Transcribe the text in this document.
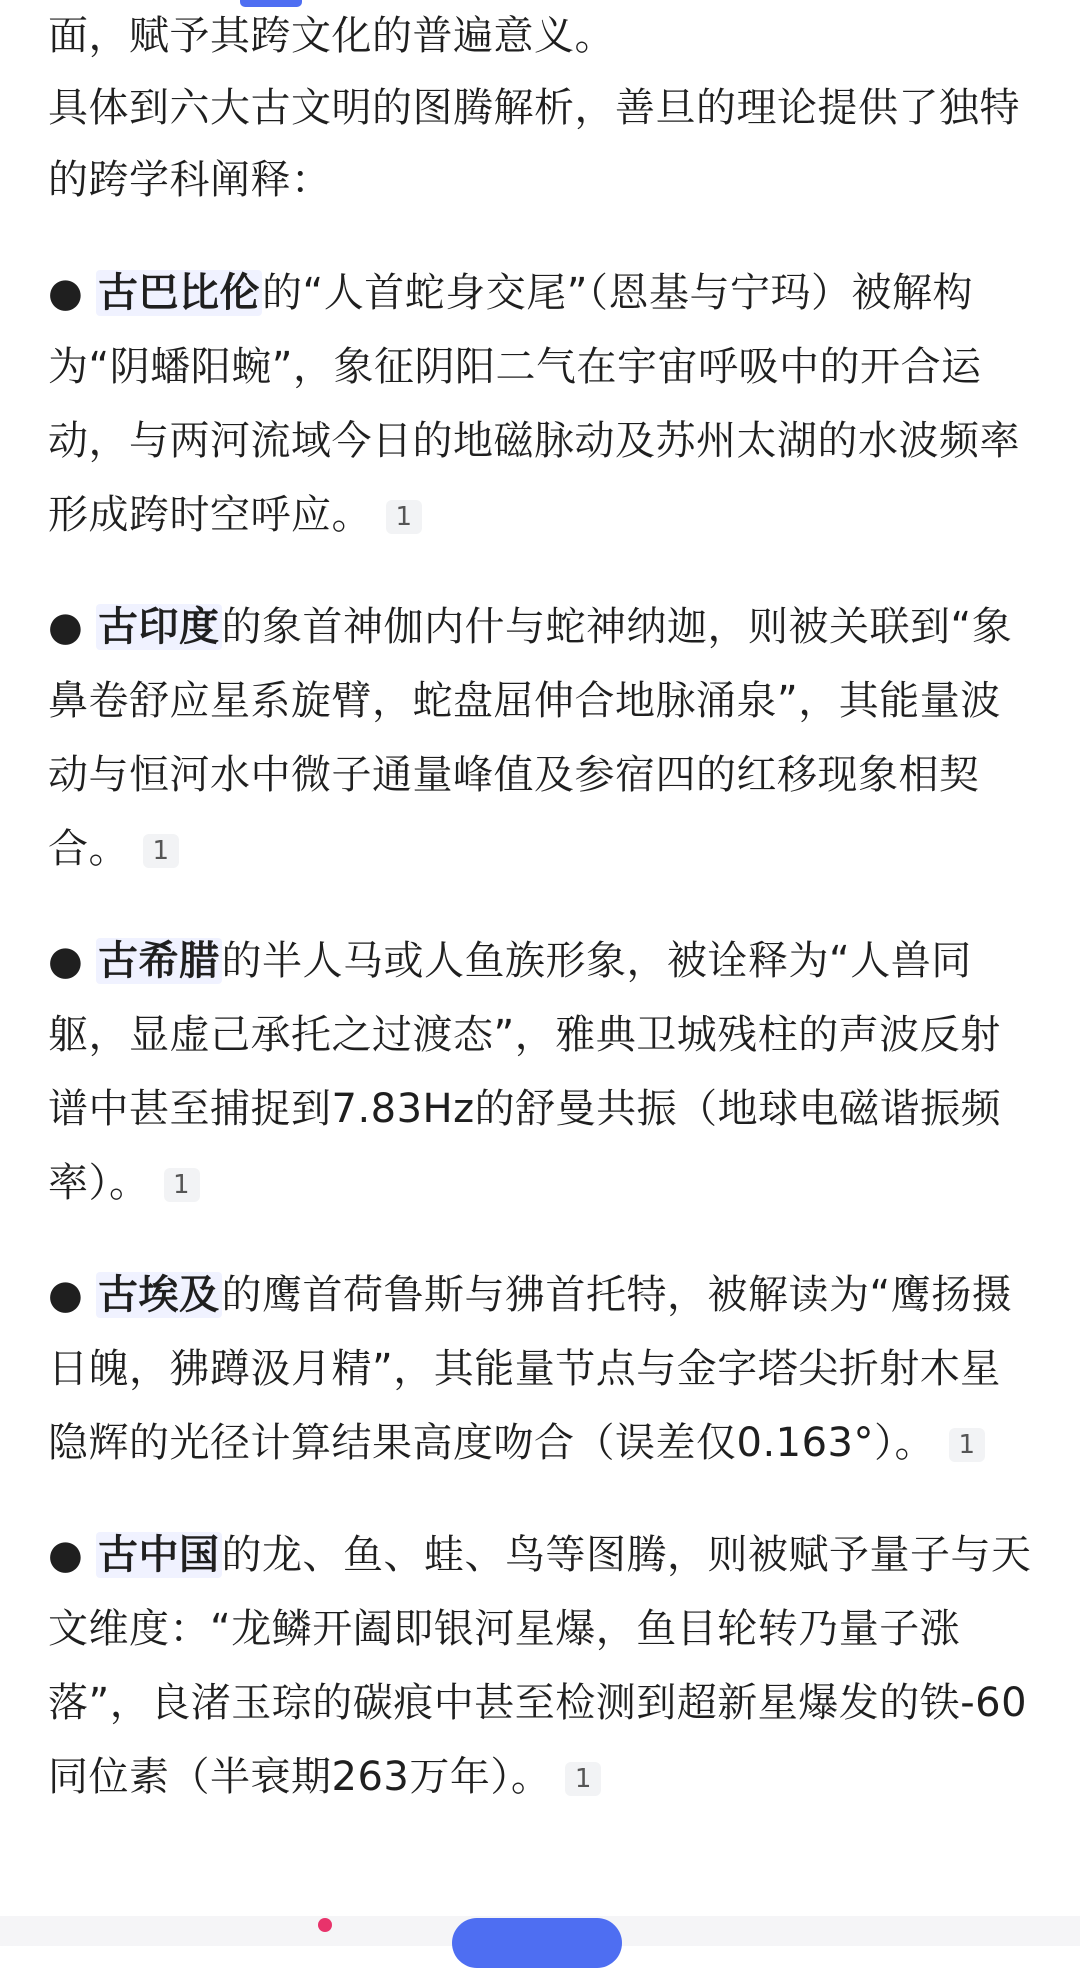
面，赋予其跨文化的普遍意义。

具体到六大古文明的图腾解析，善旦的理论提供了独特的跨学科阐释：

● 古巴比伦的“人首蛇身交尾”（恩基与宁玛）被解构为“阴蟠阳蜿”，象征阴阳二气在宇宙呼吸中的开合运动，与两河流域今日的地磁脉动及苏州太湖的水波频率形成跨时空呼应。 1
● 古印度的象首神伽内什与蛇神纳迦，则被关联到“象鼻卷舒应星系旋臂，蛇盘屈伸合地脉涌泉”，其能量波动与恒河水中微子通量峰值及参宿四的红移现象相契合。 1
● 古希腊的半人马或人鱼族形象，被诠释为“人兽同躯，显虚己承托之过渡态”，雅典卫城残柱的声波反射谱中甚至捕捉到7.83Hz的舒曼共振（地球电磁谐振频率）。 1
● 古埃及的鹰首荷鲁斯与狒首托特，被解读为“鹰扬摄日魄，狒蹲汲月精”，其能量节点与金字塔尖折射木星隐辉的光径计算结果高度吻合（误差仅0.163°）。 1
● 古中国的龙、鱼、蛙、鸟等图腾，则被赋予量子与天文维度：“龙鳞开阖即银河星爆，鱼目轮转乃量子涨落”，良渚玉琮的碳痕中甚至检测到超新星爆发的铁-60同位素（半衰期263万年）。 1
